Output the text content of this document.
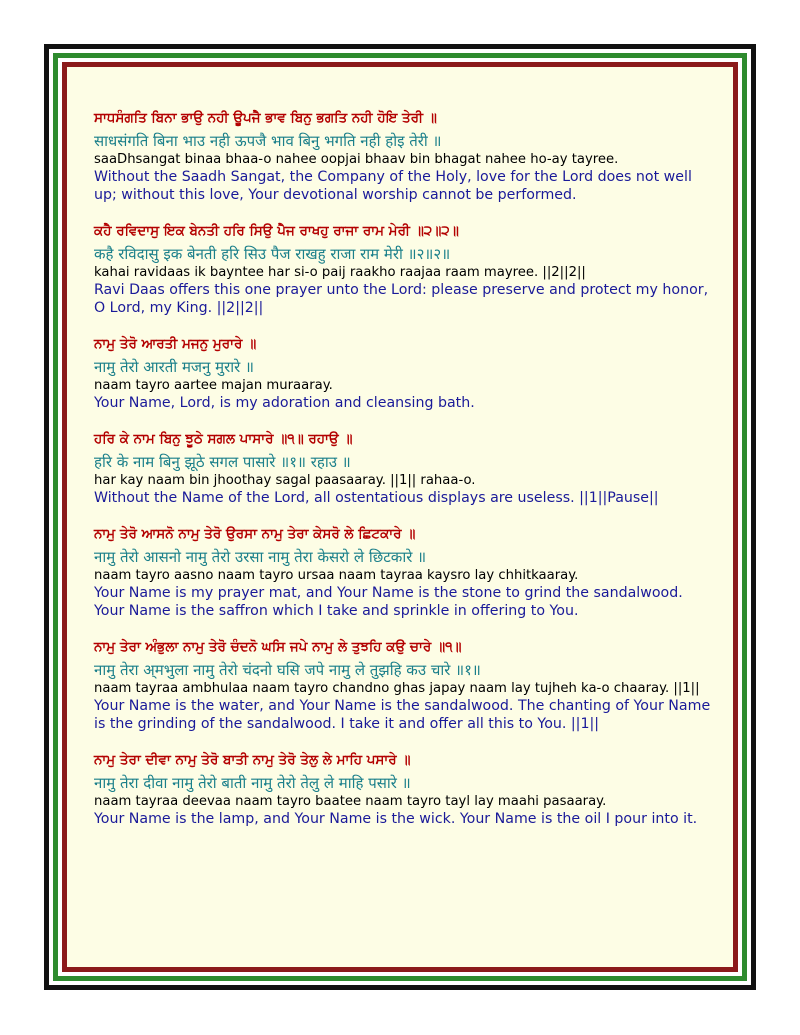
ਸਾਧਸੰਗਤਿ ਬਿਨਾ ਭਾਉ ਨਹੀ ਊਪਜੈ ਭਾਵ ਬਿਨੁ ਭਗਤਿ ਨਹੀ ਹੋਇ ਤੇਰੀ ॥

साधसंगति बिना भाउ नही ऊपजै भाव बिनु भगति नही होइ तेरी ॥

saaDhsangat binaa bhaa-o nahee oopjai bhaav bin bhagat nahee ho-ay tayree.

Without the Saadh Sangat, the Company of the Holy, love for the Lord does not well up; without this love, Your devotional worship cannot be performed.

ਕਹੈ ਰਵਿਦਾਸੁ ਇਕ ਬੇਨਤੀ ਹਰਿ ਸਿਉ ਪੈਜ ਰਾਖਹੁ ਰਾਜਾ ਰਾਮ ਮੇਰੀ ॥੨॥੨॥

कहै रविदासु इक बेनती हरि सिउ पैज राखहु राजा राम मेरी ॥२॥२॥

kahai ravidaas ik bayntee har si-o paij raakho raajaa raam mayree. ||2||2||

Ravi Daas offers this one prayer unto the Lord: please preserve and protect my honor, O Lord, my King. ||2||2||

ਨਾਮੁ ਤੇਰੋ ਆਰਤੀ ਮਜਨੁ ਮੁਰਾਰੇ ॥

नामु तेरो आरती मजनु मुरारे ॥

naam tayro aartee majan muraaray.

Your Name, Lord, is my adoration and cleansing bath.

ਹਰਿ ਕੇ ਨਾਮ ਬਿਨੁ ਝੂਠੇ ਸਗਲ ਪਾਸਾਰੇ ॥੧॥ ਰਹਾਉ ॥

हरि के नाम बिनु झूठे सगल पासारे ॥१॥ रहाउ ॥

har kay naam bin jhoothay sagal paasaaray. ||1|| rahaa-o.

Without the Name of the Lord, all ostentatious displays are useless. ||1||Pause||

ਨਾਮੁ ਤੇਰੋ ਆਸਨੋ ਨਾਮੁ ਤੇਰੋ ਉਰਸਾ ਨਾਮੁ ਤੇਰਾ ਕੇਸਰੋ ਲੇ ਛਿਟਕਾਰੇ ॥

नामु तेरो आसनो नामु तेरो उरसा नामु तेरा केसरो ले छिटकारे ॥

naam tayro aasno naam tayro ursaa naam tayraa kaysro lay chhitkaaray.

Your Name is my prayer mat, and Your Name is the stone to grind the sandalwood. Your Name is the saffron which I take and sprinkle in offering to You.

ਨਾਮੁ ਤੇਰਾ ਅੰਭੁਲਾ ਨਾਮੁ ਤੇਰੋ ਚੰਦਨੋ ਘਸਿ ਜਪੇ ਨਾਮੁ ਲੇ ਤੁਝਹਿ ਕਉ ਚਾਰੇ ॥੧॥

नामु तेरा अ्मभुला नामु तेरो चंदनो घसि जपे नामु ले तुझहि कउ चारे ॥१॥

naam tayraa ambhulaa naam tayro chandno ghas japay naam lay tujheh ka-o chaaray. ||1||

Your Name is the water, and Your Name is the sandalwood. The chanting of Your Name is the grinding of the sandalwood. I take it and offer all this to You. ||1||

ਨਾਮੁ ਤੇਰਾ ਦੀਵਾ ਨਾਮੁ ਤੇਰੋ ਬਾਤੀ ਨਾਮੁ ਤੇਰੋ ਤੇਲੁ ਲੇ ਮਾਹਿ ਪਸਾਰੇ ॥

नामु तेरा दीवा नामु तेरो बाती नामु तेरो तेलु ले माहि पसारे ॥

naam tayraa deevaa naam tayro baatee naam tayro tayl lay maahi pasaaray.

Your Name is the lamp, and Your Name is the wick. Your Name is the oil I pour into it.
